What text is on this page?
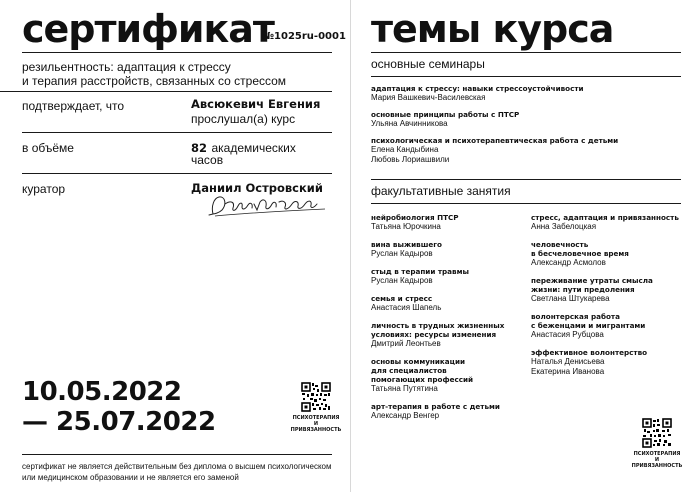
сертификат
№1025ru-0001
резильентность: адаптация к стрессу
и терапия расстройств, связанных со стрессом
подтверждает, что	Авсюкевич Евгения
прослушал(а) курс
в объёме	82 академических
часов
куратор	Даниил Островский
10.05.2022
— 25.07.2022	ПСИХОТЕРАПИЯ
И
ПРИВЯЗАННОСТЬ
сертификат не является действительным без диплома о высшем психологическом
или медицинском образовании и не является его заменой
темы курса
основные семинары
адаптация к стрессу: навыки стрессоустойчивости
Мария Вашкевич-Василевская
основные принципы работы с ПТСР
Ульяна Авчинникова
психологическая и психотерапевтическая работа с детьми
Елена Кандыбина
Любовь Лориашвили
факультативные занятия
нейробиология ПТСР
Татьяна Юрочкина
вина выжившего
Руслан Кадыров
стыд в терапии травмы
Руслан Кадыров
семья и стресс
Анастасия Шапель
личность в трудных жизненных
условиях: ресурсы изменения
Дмитрий Леонтьев
основы коммуникации
для специалистов
помогающих профессий
Татьяна Путятина
арт-терапия в работе с детьми
Александр Венгер
стресс, адаптация и привязанность
Анна Забелоцкая
человечность
в бесчеловечное время
Александр Асмолов
переживание утраты смысла
жизни: пути предоления
Светлана Штукарева
волонтерская работа
с беженцами и мигрантами
Анастасия Рубцова
эффективное волонтерство
Наталья Денисьева
Екатерина Иванова
ПСИХОТЕРАПИЯ
И
ПРИВЯЗАННОСТЬ
